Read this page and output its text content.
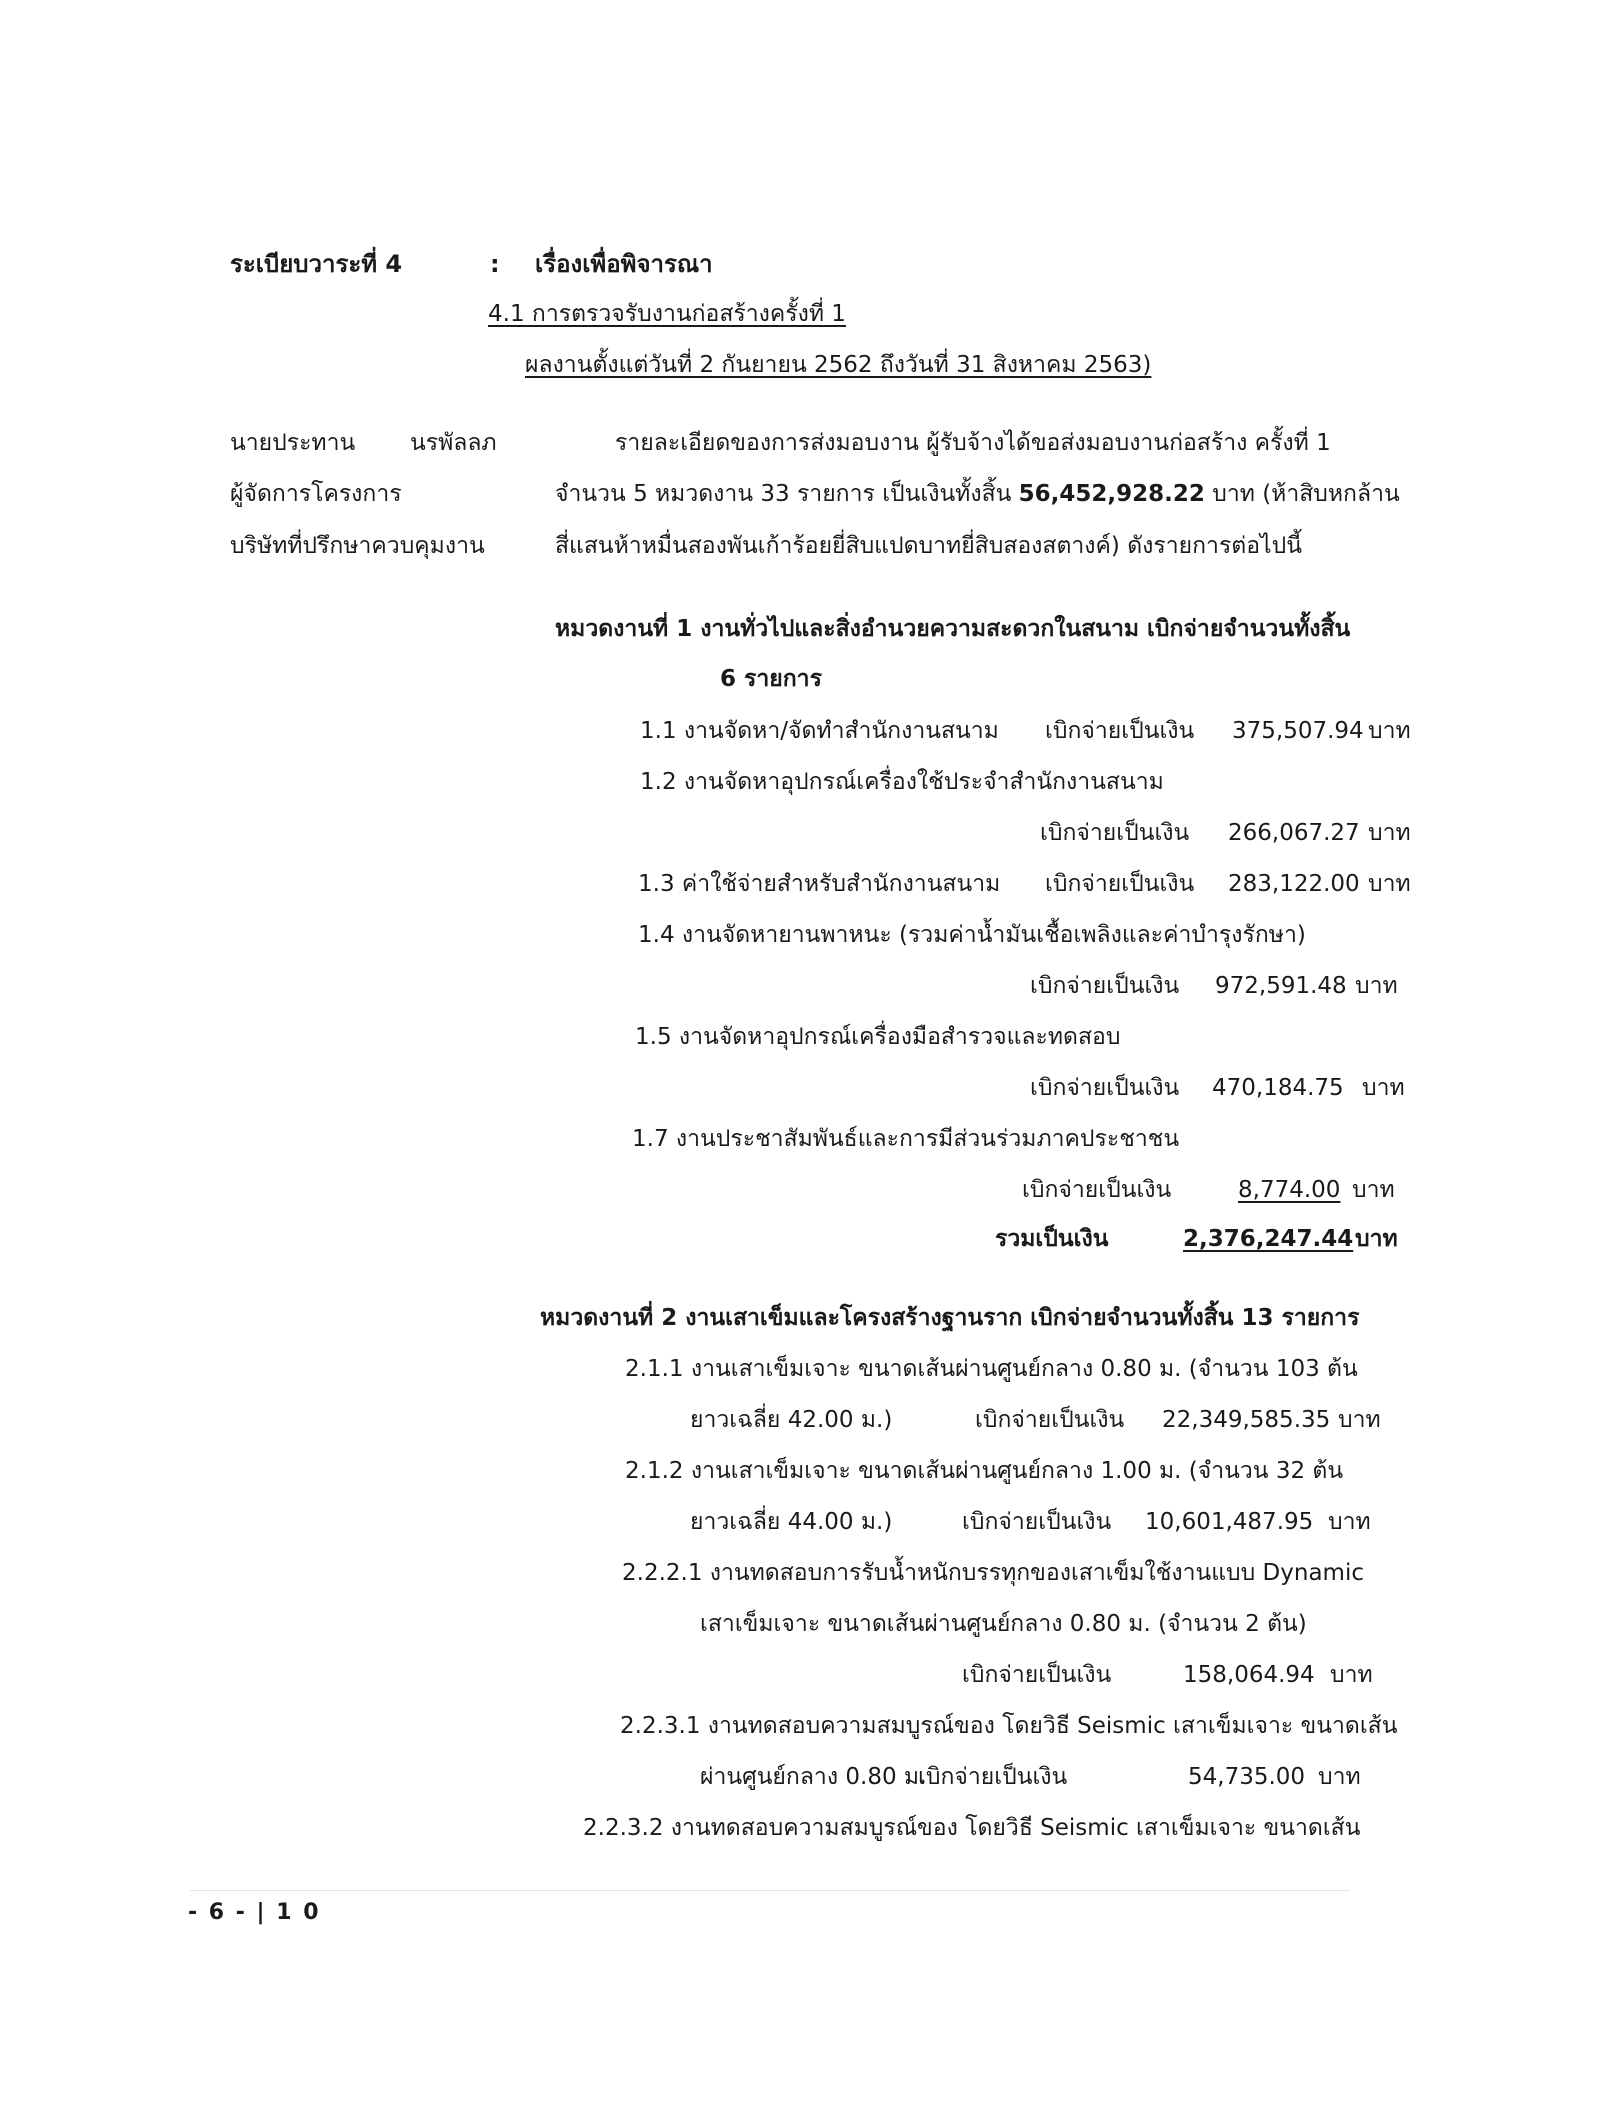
ระเบียบวาระที่ 4	: เรื่องเพื่อพิจารณา
4.1 การตรวจรับงานก่อสร้างครั้งที่ 1
ผลงานตั้งแต่วันที่ 2 กันยายน 2562 ถึงวันที่ 31 สิงหาคม 2563)
นายประทาน นรพัลลภ
ผู้จัดการโครงการ
บริษัทที่ปรึกษาควบคุมงาน
รายละเอียดของการส่งมอบงาน ผู้รับจ้างได้ขอส่งมอบงานก่อสร้าง ครั้งที่ 1
จำนวน 5 หมวดงาน 33 รายการ เป็นเงินทั้งสิ้น 56,452,928.22 บาท (ห้าสิบหกล้าน
สี่แสนห้าหมื่นสองพันเก้าร้อยยี่สิบแปดบาทยี่สิบสองสตางค์) ดังรายการต่อไปนี้
หมวดงานที่ 1 งานทั่วไปและสิ่งอำนวยความสะดวกในสนาม เบิกจ่ายจำนวนทั้งสิ้น
6 รายการ
1.1 งานจัดหา/จัดทำสำนักงานสนาม เบิกจ่ายเป็นเงิน 375,507.94 บาท
1.2 งานจัดหาอุปกรณ์เครื่องใช้ประจำสำนักงานสนาม
เบิกจ่ายเป็นเงิน 266,067.27 บาท
1.3 ค่าใช้จ่ายสำหรับสำนักงานสนาม เบิกจ่ายเป็นเงิน 283,122.00 บาท
1.4 งานจัดหายานพาหนะ (รวมค่าน้ำมันเชื้อเพลิงและค่าบำรุงรักษา)
เบิกจ่ายเป็นเงิน 972,591.48 บาท
1.5 งานจัดหาอุปกรณ์เครื่องมือสำรวจและทดสอบ
เบิกจ่ายเป็นเงิน 470,184.75 บาท
1.7 งานประชาสัมพันธ์และการมีส่วนร่วมภาคประชาชน
เบิกจ่ายเป็นเงิน	8,774.00 บาท
รวมเป็นเงิน	2,376,247.44 บาท
หมวดงานที่ 2 งานเสาเข็มและโครงสร้างฐานราก เบิกจ่ายจำนวนทั้งสิ้น 13 รายการ
2.1.1 งานเสาเข็มเจาะ ขนาดเส้นผ่านศูนย์กลาง 0.80 ม. (จำนวน 103 ต้น
ยาวเฉลี่ย 42.00 ม.)	เบิกจ่ายเป็นเงิน 22,349,585.35 บาท
2.1.2 งานเสาเข็มเจาะ ขนาดเส้นผ่านศูนย์กลาง 1.00 ม. (จำนวน 32 ต้น
ยาวเฉลี่ย 44.00 ม.)	เบิกจ่ายเป็นเงิน 10,601,487.95 บาท
2.2.2.1 งานทดสอบการรับน้ำหนักบรรทุกของเสาเข็มใช้งานแบบ Dynamic
เสาเข็มเจาะ ขนาดเส้นผ่านศูนย์กลาง 0.80 ม. (จำนวน 2 ต้น)
เบิกจ่ายเป็นเงิน	158,064.94 บาท
2.2.3.1 งานทดสอบความสมบูรณ์ของ โดยวิธี Seismic เสาเข็มเจาะ ขนาดเส้น
ผ่านศูนย์กลาง 0.80 ม.
เบิกจ่ายเป็นเงิน	54,735.00 บาท
2.2.3.2 งานทดสอบความสมบูรณ์ของ โดยวิธี Seismic เสาเข็มเจาะ ขนาดเส้น
- 6 - | 1 0
